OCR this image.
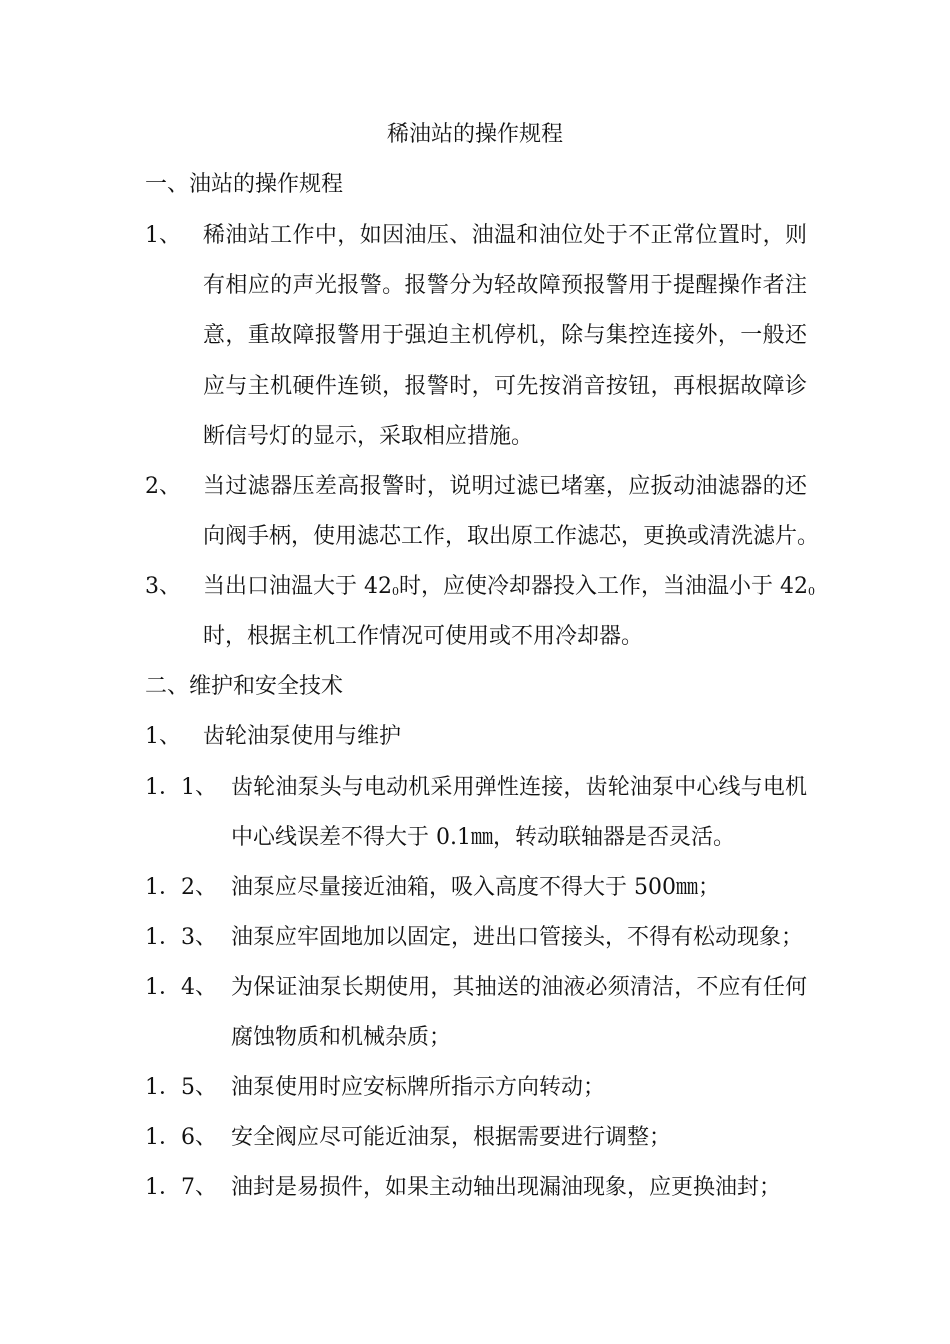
稀油站的操作规程
一、油站的操作规程
1、 稀油站工作中，如因油压、油温和油位处于不正常位置时，则
有相应的声光报警。报警分为轻故障预报警用于提醒操作者注
意，重故障报警用于强迫主机停机，除与集控连接外，一般还
应与主机硬件连锁，报警时，可先按消音按钮，再根据故障诊
断信号灯的显示，采取相应措施。
2、 当过滤器压差高报警时，说明过滤已堵塞，应扳动油滤器的还
向阀手柄，使用滤芯工作，取出原工作滤芯，更换或清洗滤片。
3、 当出口油温大于 $42^0$时，应使冷却器投入工作，当油温小于 $42^0$
时，根据主机工作情况可使用或不用冷却器。
二、维护和安全技术
1、 齿轮油泵使用与维护
1．1、 齿轮油泵头与电动机采用弹性连接，齿轮油泵中心线与电机
中心线误差不得大于 0.1㎜，转动联轴器是否灵活。
1．2、 油泵应尽量接近油箱，吸入高度不得大于 500㎜；
1．3、 油泵应牢固地加以固定，进出口管接头，不得有松动现象；
1．4、 为保证油泵长期使用，其抽送的油液必须清洁，不应有任何
腐蚀物质和机械杂质；
1．5、 油泵使用时应安标牌所指示方向转动；
1．6、 安全阀应尽可能近油泵，根据需要进行调整；
1．7、 油封是易损件，如果主动轴出现漏油现象，应更换油封；
